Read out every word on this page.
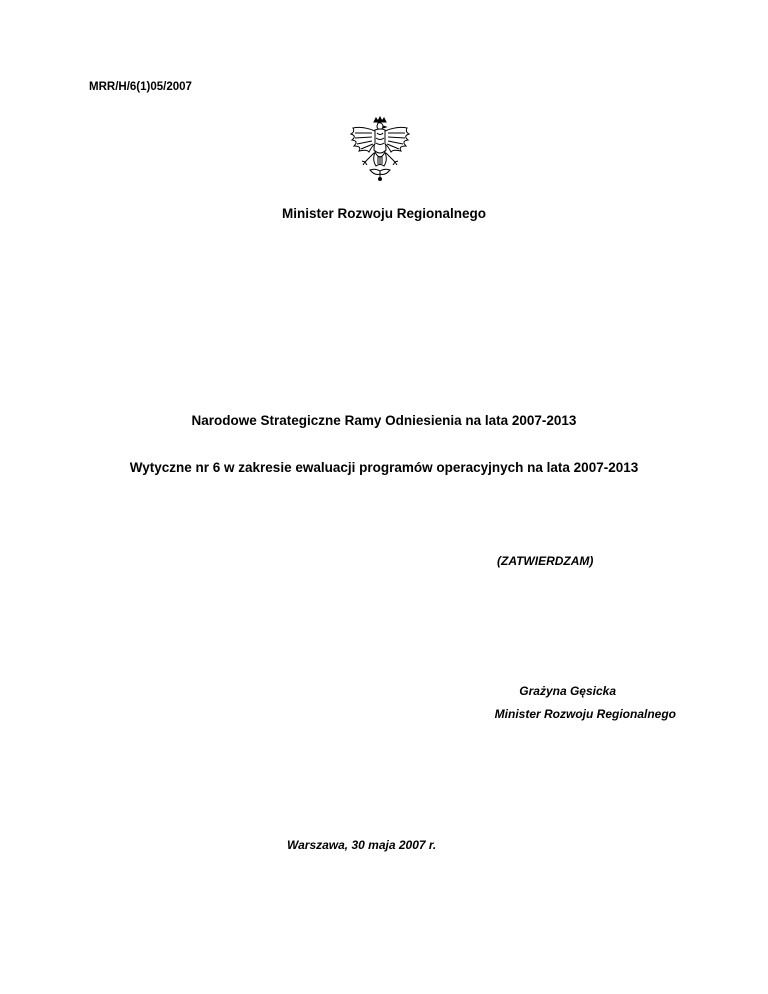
MRR/H/6(1)05/2007
Minister Rozwoju Regionalnego
Narodowe Strategiczne Ramy Odniesienia na lata 2007-2013
Wytyczne nr 6 w zakresie ewaluacji programów operacyjnych na lata 2007-2013
(ZATWIERDZAM)
Grażyna Gęsicka
Minister Rozwoju Regionalnego
Warszawa, 30 maja 2007 r.
